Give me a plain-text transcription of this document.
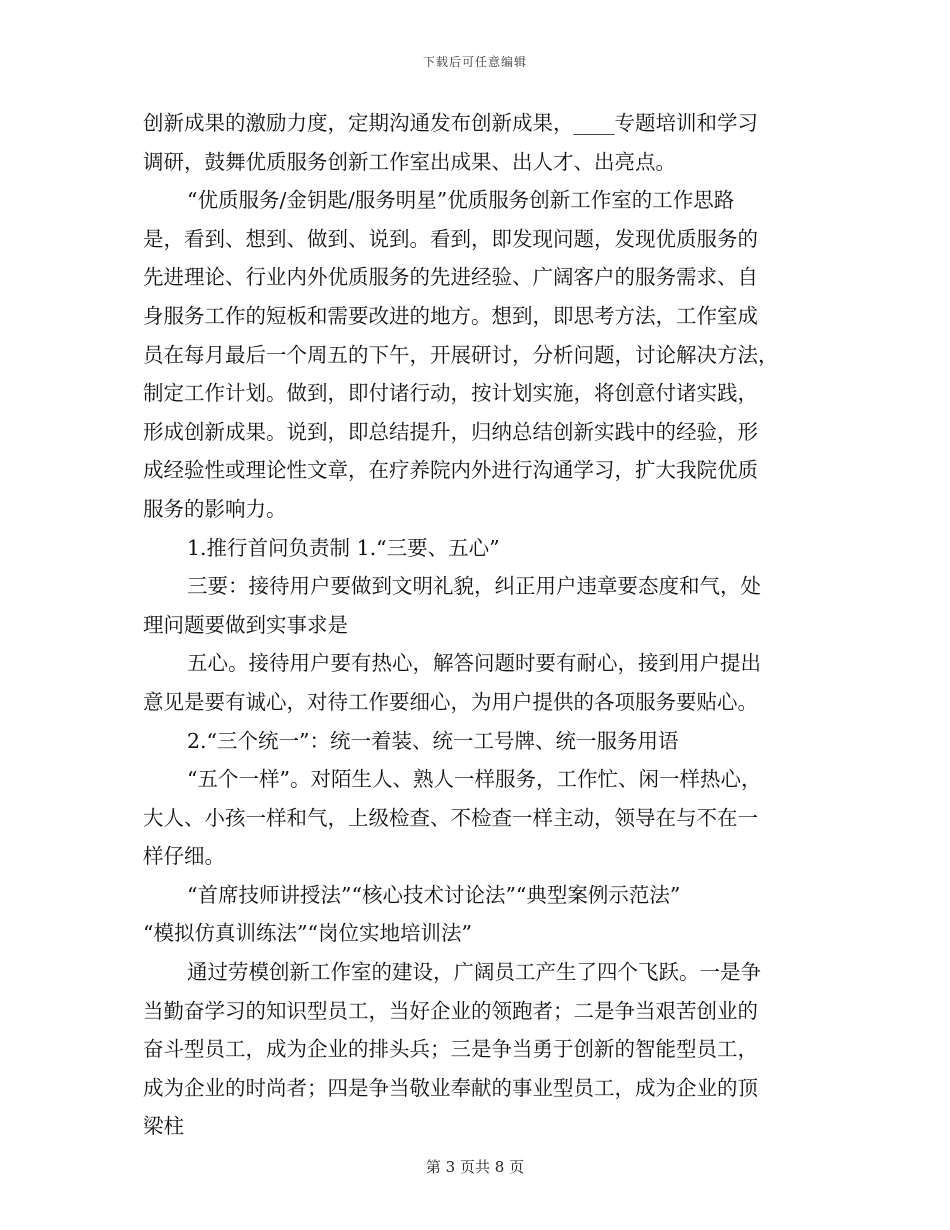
下载后可任意编辑
创新成果的激励力度，定期沟通发布创新成果，____专题培训和学习
调研，鼓舞优质服务创新工作室出成果、出人才、出亮点。
“优质服务/金钥匙/服务明星”优质服务创新工作室的工作思路
是，看到、想到、做到、说到。看到，即发现问题，发现优质服务的
先进理论、行业内外优质服务的先进经验、广阔客户的服务需求、自
身服务工作的短板和需要改进的地方。想到，即思考方法，工作室成
员在每月最后一个周五的下午，开展研讨，分析问题，讨论解决方法，
制定工作计划。做到，即付诸行动，按计划实施，将创意付诸实践，
形成创新成果。说到，即总结提升，归纳总结创新实践中的经验，形
成经验性或理论性文章，在疗养院内外进行沟通学习，扩大我院优质
服务的影响力。
1.推行首问负责制 1.“三要、五心”
三要：接待用户要做到文明礼貌，纠正用户违章要态度和气，处
理问题要做到实事求是
五心。接待用户要有热心，解答问题时要有耐心，接到用户提出
意见是要有诚心，对待工作要细心，为用户提供的各项服务要贴心。
2.“三个统一”：统一着装、统一工号牌、统一服务用语
“五个一样”。对陌生人、熟人一样服务，工作忙、闲一样热心，
大人、小孩一样和气，上级检查、不检查一样主动，领导在与不在一
样仔细。
“首席技师讲授法”“核心技术讨论法”“典型案例示范法”
“模拟仿真训练法”“岗位实地培训法”
通过劳模创新工作室的建设，广阔员工产生了四个飞跃。一是争
当勤奋学习的知识型员工，当好企业的领跑者；二是争当艰苦创业的
奋斗型员工，成为企业的排头兵；三是争当勇于创新的智能型员工，
成为企业的时尚者；四是争当敬业奉献的事业型员工，成为企业的顶
梁柱
第 3 页共 8 页
